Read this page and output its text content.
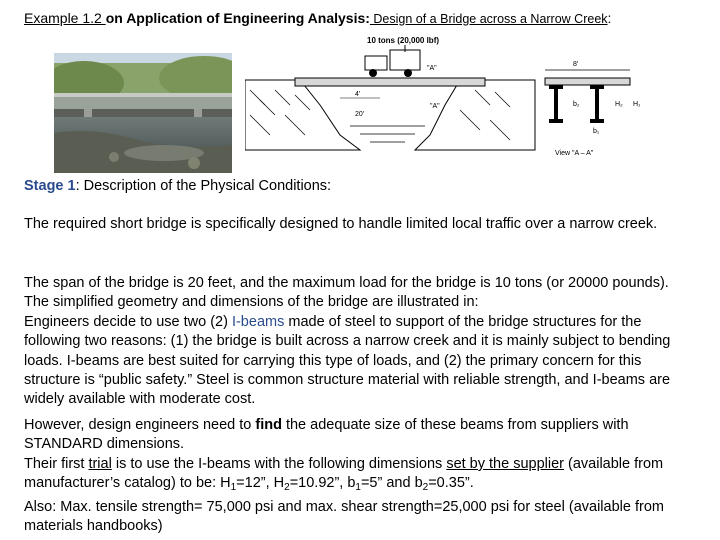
Example 1.2 on Application of Engineering Analysis: Design of a Bridge across a Narrow Creek:
10 tons (20,000 lbf)
"A"
"A"
4'
20'
8'
b₂	H₂ H₁
b₁
View "A – A"
Stage 1: Description of the Physical Conditions:
The required short bridge is specifically designed to handle limited local traffic over a narrow creek.
The span of the bridge is 20 feet, and the maximum load for the bridge is 10 tons (or 20000 pounds). The simplified geometry and dimensions of the bridge are illustrated in:
Engineers decide to use two (2) I-beams made of steel to support of the bridge structures for the following two reasons: (1) the bridge is built across a narrow creek and it is mainly subject to bending loads. I-beams are best suited for carrying this type of loads, and (2) the primary concern for this structure is “public safety.” Steel is common structure material with reliable strength, and I-beams are widely available with moderate cost.
However, design engineers need to find the adequate size of these beams from suppliers with STANDARD dimensions.
Their first trial is to use the I-beams with the following dimensions set by the supplier (available from manufacturer’s catalog) to be: $H_1=12$”, $H_2=10.92$”, $b_1=5$” and $b_2=0.35$”.
Also: Max. tensile strength= 75,000 psi and max. shear strength=25,000 psi for steel (available from materials handbooks)
